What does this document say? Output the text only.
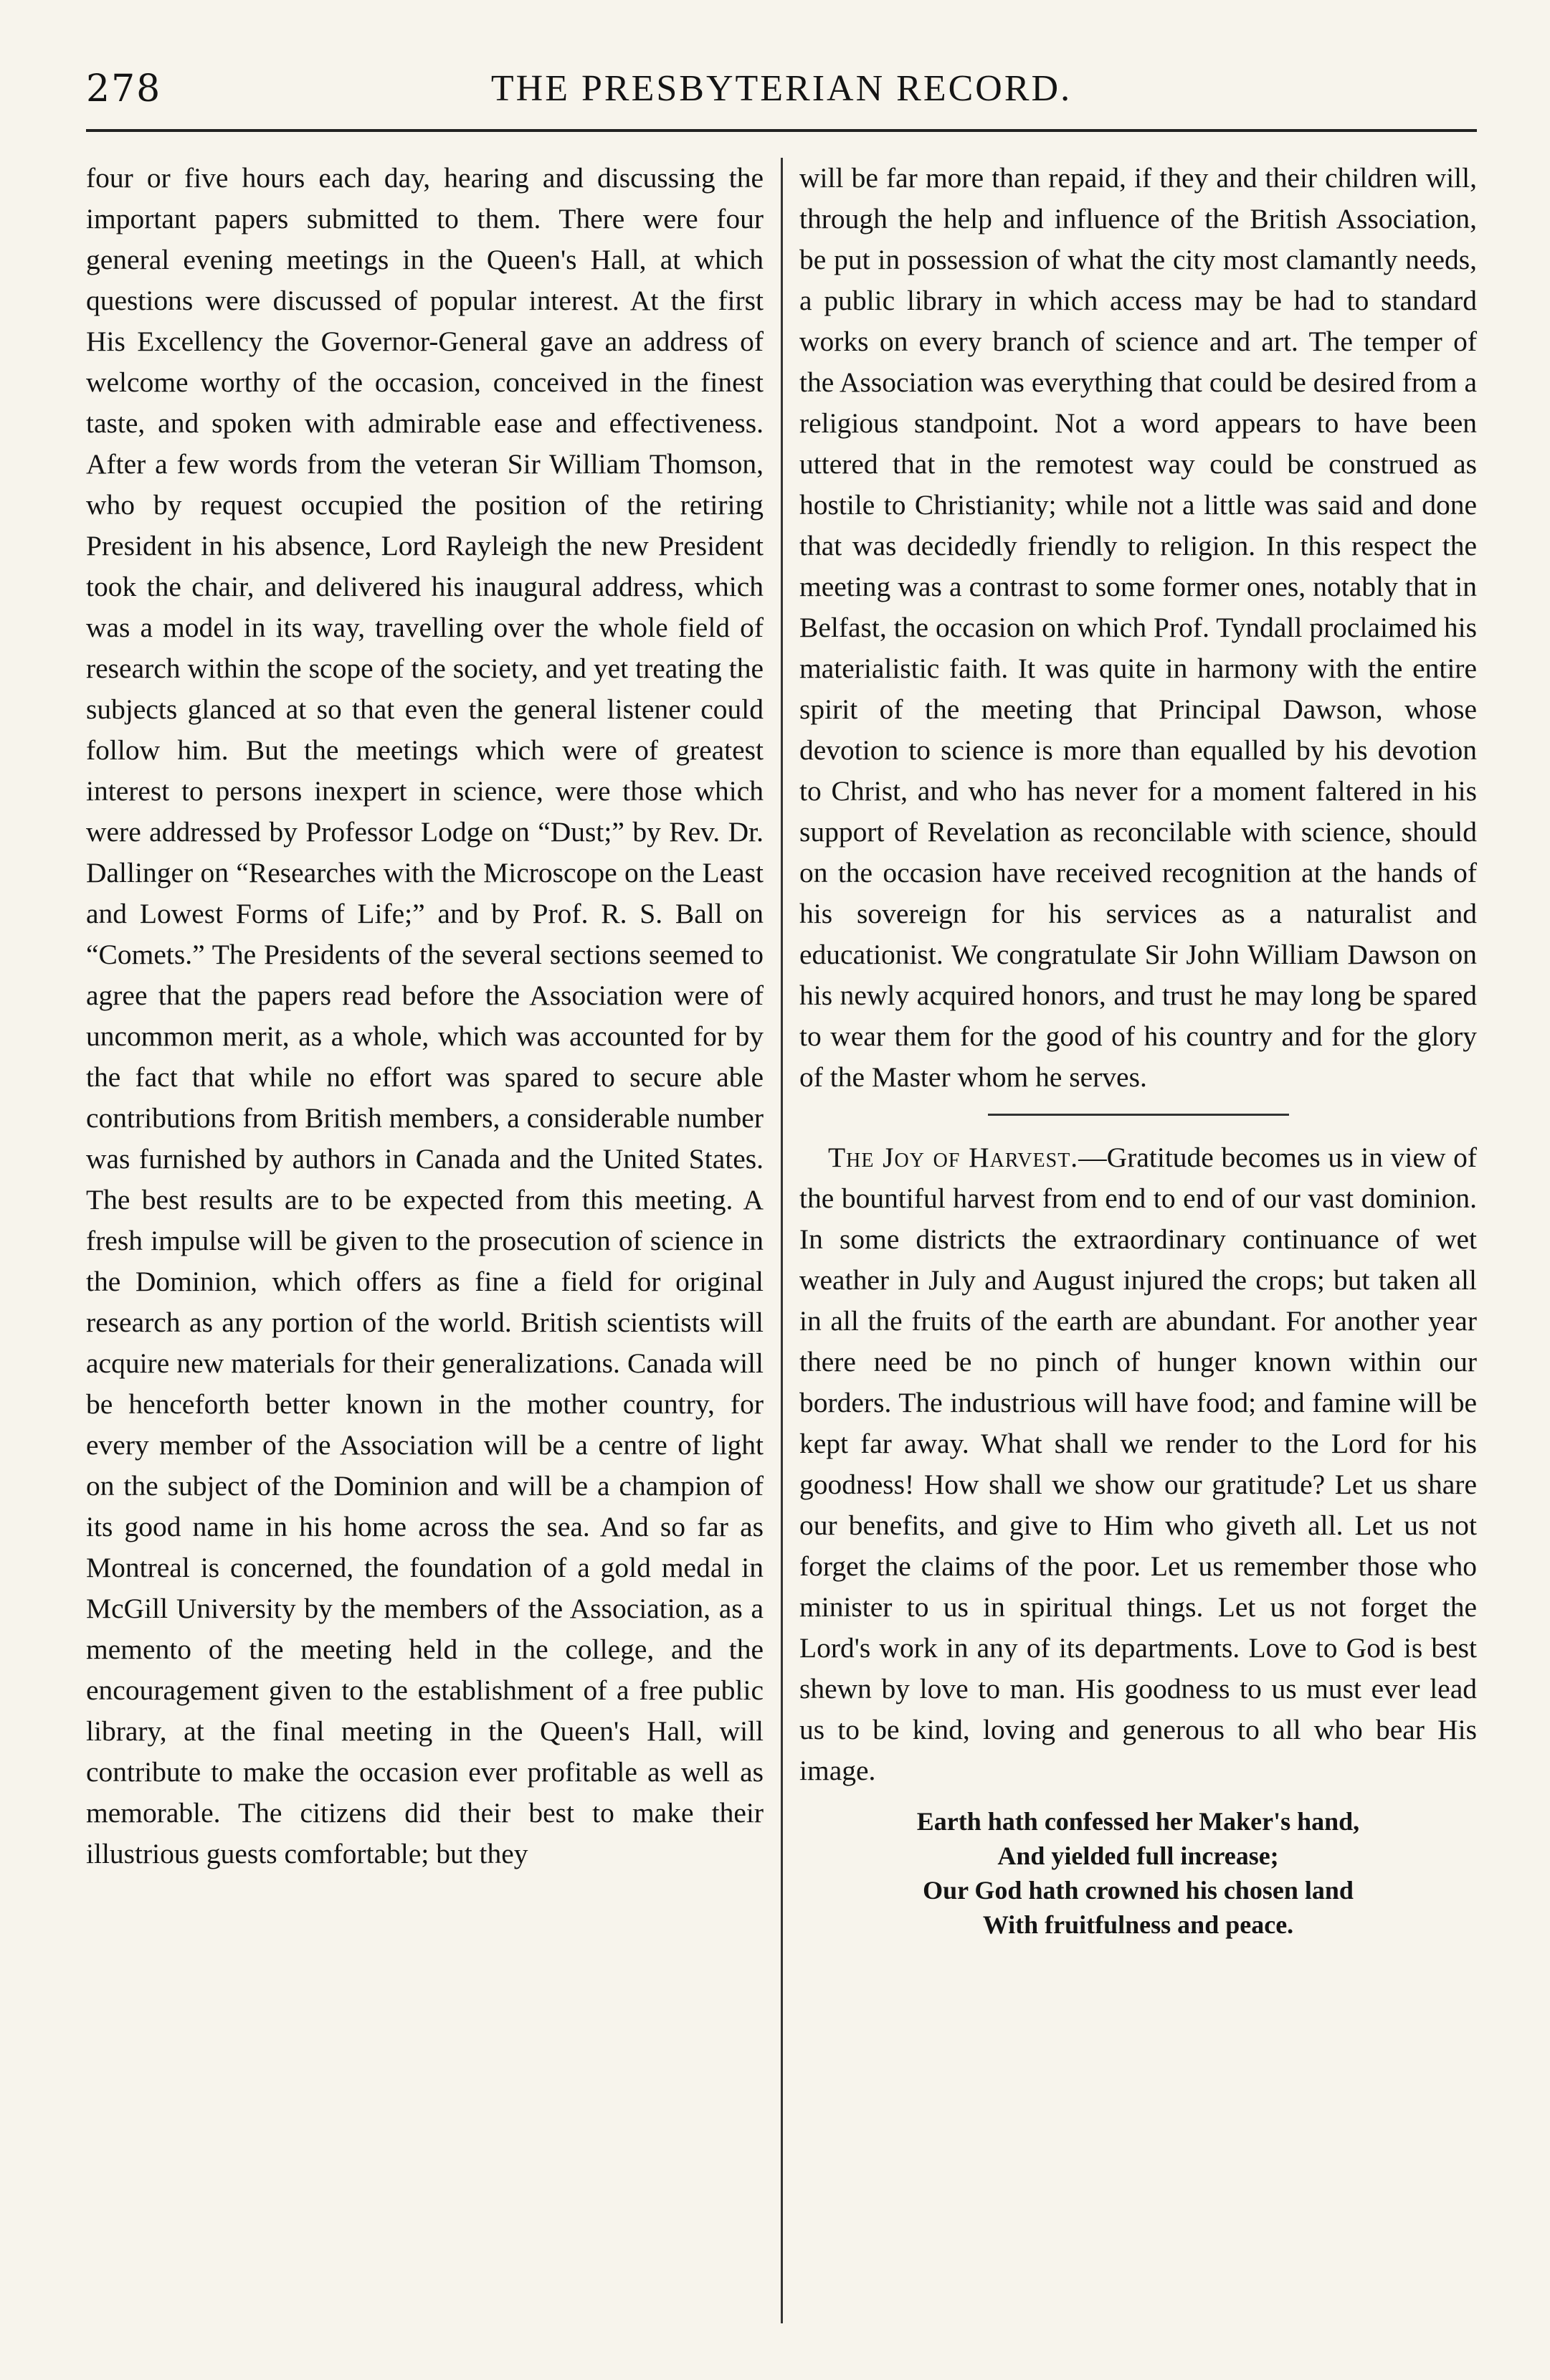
278	THE PRESBYTERIAN RECORD.

four or five hours each day, hearing and discussing the important papers submitted to them. There were four general evening meetings in the Queen's Hall, at which questions were discussed of popular interest. At the first His Excellency the Governor-General gave an address of welcome worthy of the occasion, conceived in the finest taste, and spoken with admirable ease and effectiveness. After a few words from the veteran Sir William Thomson, who by request occupied the position of the retiring President in his absence, Lord Rayleigh the new President took the chair, and delivered his inaugural address, which was a model in its way, travelling over the whole field of research within the scope of the society, and yet treating the subjects glanced at so that even the general listener could follow him. But the meetings which were of greatest interest to persons inexpert in science, were those which were addressed by Professor Lodge on “Dust;” by Rev. Dr. Dallinger on “Researches with the Microscope on the Least and Lowest Forms of Life;” and by Prof. R. S. Ball on “Comets.” The Presidents of the several sections seemed to agree that the papers read before the Association were of uncommon merit, as a whole, which was accounted for by the fact that while no effort was spared to secure able contributions from British members, a considerable number was furnished by authors in Canada and the United States. The best results are to be expected from this meeting. A fresh impulse will be given to the prosecution of science in the Dominion, which offers as fine a field for original research as any portion of the world. British scientists will acquire new materials for their generalizations. Canada will be henceforth better known in the mother country, for every member of the Association will be a centre of light on the subject of the Dominion and will be a champion of its good name in his home across the sea. And so far as Montreal is concerned, the foundation of a gold medal in McGill University by the members of the Association, as a memento of the meeting held in the college, and the encouragement given to the establishment of a free public library, at the final meeting in the Queen's Hall, will contribute to make the occasion ever profitable as well as memorable. The citizens did their best to make their illustrious guests comfortable; but they

will be far more than repaid, if they and their children will, through the help and influence of the British Association, be put in possession of what the city most clamantly needs, a public library in which access may be had to standard works on every branch of science and art. The temper of the Association was everything that could be desired from a religious standpoint. Not a word appears to have been uttered that in the remotest way could be construed as hostile to Christianity; while not a little was said and done that was decidedly friendly to religion. In this respect the meeting was a contrast to some former ones, notably that in Belfast, the occasion on which Prof. Tyndall proclaimed his materialistic faith. It was quite in harmony with the entire spirit of the meeting that Principal Dawson, whose devotion to science is more than equalled by his devotion to Christ, and who has never for a moment faltered in his support of Revelation as reconcilable with science, should on the occasion have received recognition at the hands of his sovereign for his services as a naturalist and educationist. We congratulate Sir John William Dawson on his newly acquired honors, and trust he may long be spared to wear them for the good of his country and for the glory of the Master whom he serves.

The Joy of Harvest.—Gratitude becomes us in view of the bountiful harvest from end to end of our vast dominion. In some districts the extraordinary continuance of wet weather in July and August injured the crops; but taken all in all the fruits of the earth are abundant. For another year there need be no pinch of hunger known within our borders. The industrious will have food; and famine will be kept far away. What shall we render to the Lord for his goodness! How shall we show our gratitude? Let us share our benefits, and give to Him who giveth all. Let us not forget the claims of the poor. Let us remember those who minister to us in spiritual things. Let us not forget the Lord's work in any of its departments. Love to God is best shewn by love to man. His goodness to us must ever lead us to be kind, loving and generous to all who bear His image.

Earth hath confessed her Maker's hand,
And yielded full increase;
Our God hath crowned his chosen land
With fruitfulness and peace.
